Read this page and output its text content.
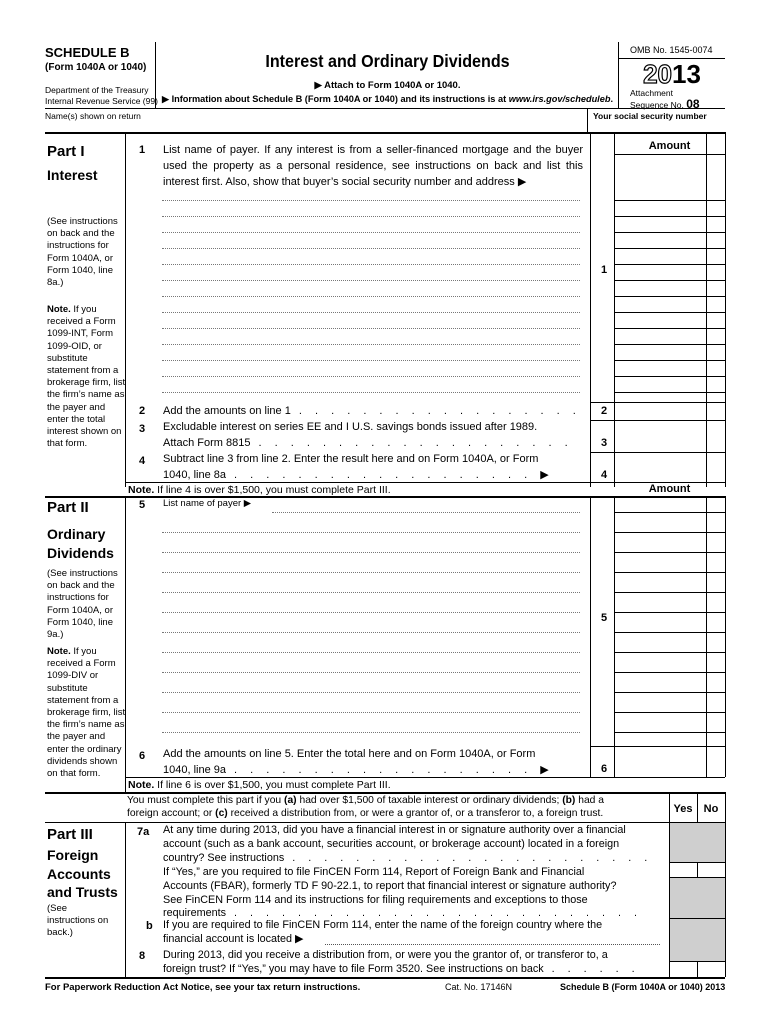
SCHEDULE B
(Form 1040A or 1040)
Department of the Treasury
Internal Revenue Service (99)
Interest and Ordinary Dividends
▶ Attach to Form 1040A or 1040.
▶ Information about Schedule B (Form 1040A or 1040) and its instructions is at www.irs.gov/scheduleb.
OMB No. 1545-0074
2013
Attachment
Sequence No. 08
Name(s) shown on return	Your social security number
Part I
Interest
(See instructions on back and the instructions for Form 1040A, or Form 1040, line 8a.)
Note. If you received a Form 1099-INT, Form 1099-OID, or substitute statement from a brokerage firm, list the firm’s name as the payer and enter the total interest shown on that form.
1 List name of payer. If any interest is from a seller-financed mortgage and the buyer used the property as a personal residence, see instructions on back and list this interest first. Also, show that buyer’s social security number and address ▶
Amount
1
2 Add the amounts on line 1 . . . . . . . . . . . . . . . . . .	2
3 Excludable interest on series EE and I U.S. savings bonds issued after 1989.
Attach Form 8815 . . . . . . . . . . . . . . . . . . . .	3
4 Subtract line 3 from line 2. Enter the result here and on Form 1040A, or Form
1040, line 8a . . . . . . . . . . . . . . . . . . . ▶	4
Note. If line 4 is over $1,500, you must complete Part III.	Amount
Part II
Ordinary
Dividends
(See instructions on back and the instructions for Form 1040A, or Form 1040, line 9a.)
Note. If you received a Form 1099-DIV or substitute statement from a brokerage firm, list the firm’s name as the payer and enter the ordinary dividends shown on that form.
5 List name of payer ▶
5
6 Add the amounts on line 5. Enter the total here and on Form 1040A, or Form
1040, line 9a . . . . . . . . . . . . . . . . . . . ▶	6
Note. If line 6 is over $1,500, you must complete Part III.
You must complete this part if you (a) had over $1,500 of taxable interest or ordinary dividends; (b) had a
foreign account; or (c) received a distribution from, or were a grantor of, or a transferor to, a foreign trust.	Yes	No
Part III
Foreign
Accounts
and Trusts
(See instructions on back.)
7a At any time during 2013, did you have a financial interest in or signature authority over a financial
account (such as a bank account, securities account, or brokerage account) located in a foreign
country? See instructions . . . . . . . . . . . . . . . . . . . . . . .
If “Yes,” are you required to file FinCEN Form 114, Report of Foreign Bank and Financial
Accounts (FBAR), formerly TD F 90-22.1, to report that financial interest or signature authority?
See FinCEN Form 114 and its instructions for filing requirements and exceptions to those
requirements . . . . . . . . . . . . . . . . . . . . . . . . . .
b If you are required to file FinCEN Form 114, enter the name of the foreign country where the
financial account is located ▶
8 During 2013, did you receive a distribution from, or were you the grantor of, or transferor to, a
foreign trust? If “Yes,” you may have to file Form 3520. See instructions on back . . . . . .
For Paperwork Reduction Act Notice, see your tax return instructions.	Cat. No. 17146N	Schedule B (Form 1040A or 1040) 2013
